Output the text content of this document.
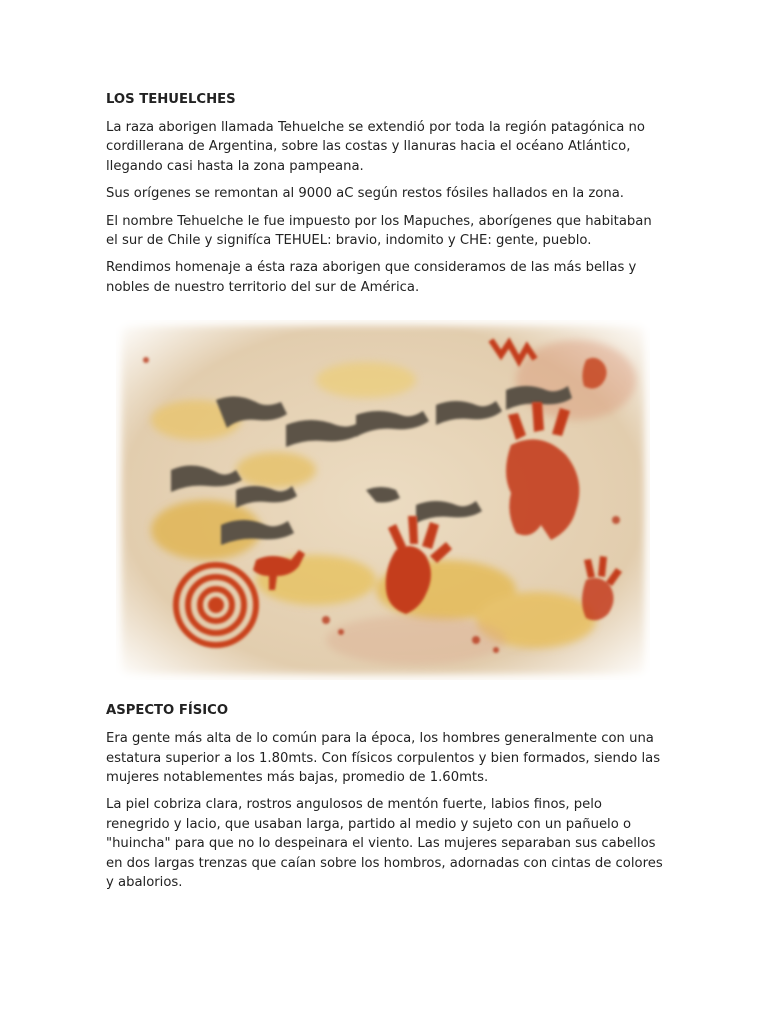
LOS TEHUELCHES

La raza aborigen llamada Tehuelche se extendió por toda la región patagónica no cordillerana de Argentina, sobre las costas y llanuras hacia el océano Atlántico, llegando casi hasta la zona pampeana.

Sus orígenes se remontan al 9000 aC según restos fósiles hallados en la zona.

El nombre Tehuelche le fue impuesto por los Mapuches, aborígenes que habitaban el sur de Chile y signifíca TEHUEL: bravio, indomito y CHE: gente, pueblo.

Rendimos homenaje a ésta raza aborigen que consideramos de las más bellas y nobles de nuestro territorio del sur de América.

ASPECTO FÍSICO

Era gente más alta de lo común para la época, los hombres generalmente con una estatura superior a los 1.80mts. Con físicos corpulentos y bien formados, siendo las mujeres notablementes más bajas, promedio de 1.60mts.

La piel cobriza clara, rostros angulosos de mentón fuerte, labios finos, pelo renegrido y lacio, que usaban larga, partido al medio y sujeto con un pañuelo o "huincha" para que no lo despeinara el viento. Las mujeres separaban sus cabellos en dos largas trenzas que caían sobre los hombros, adornadas con cintas de colores y abalorios.
